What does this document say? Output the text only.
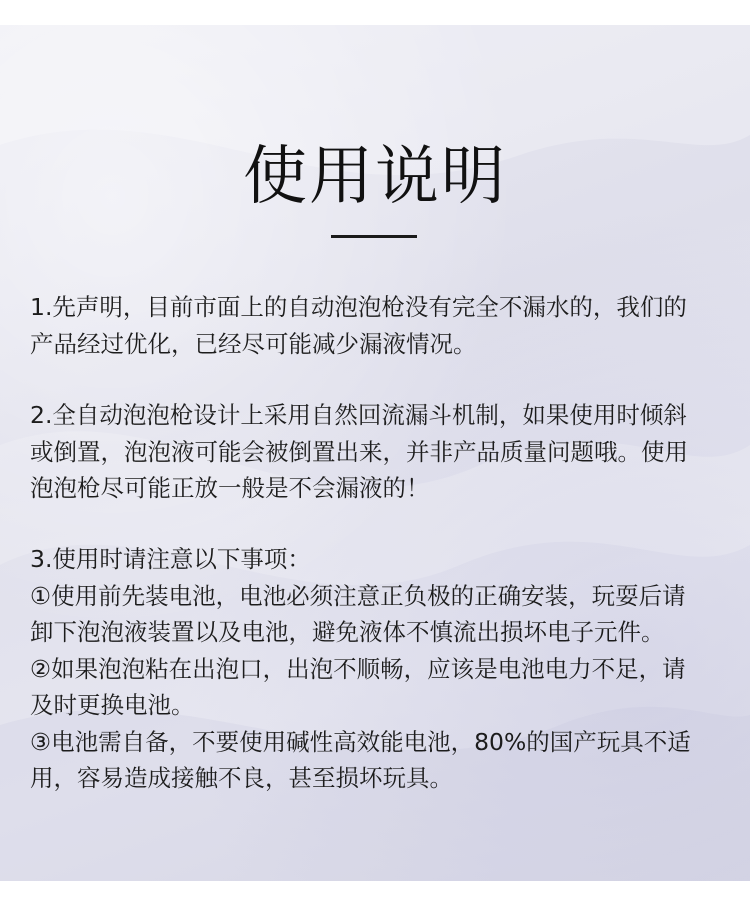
使用说明
1.先声明，目前市面上的自动泡泡枪没有完全不漏水的，我们的
产品经过优化，已经尽可能减少漏液情况。
2.全自动泡泡枪设计上采用自然回流漏斗机制，如果使用时倾斜
或倒置，泡泡液可能会被倒置出来，并非产品质量问题哦。使用
泡泡枪尽可能正放一般是不会漏液的！
3.使用时请注意以下事项：
①使用前先装电池，电池必须注意正负极的正确安装，玩耍后请
卸下泡泡液装置以及电池，避免液体不慎流出损坏电子元件。
②如果泡泡粘在出泡口，出泡不顺畅，应该是电池电力不足，请
及时更换电池。
③电池需自备，不要使用碱性高效能电池，80%的国产玩具不适
用，容易造成接触不良，甚至损坏玩具。
